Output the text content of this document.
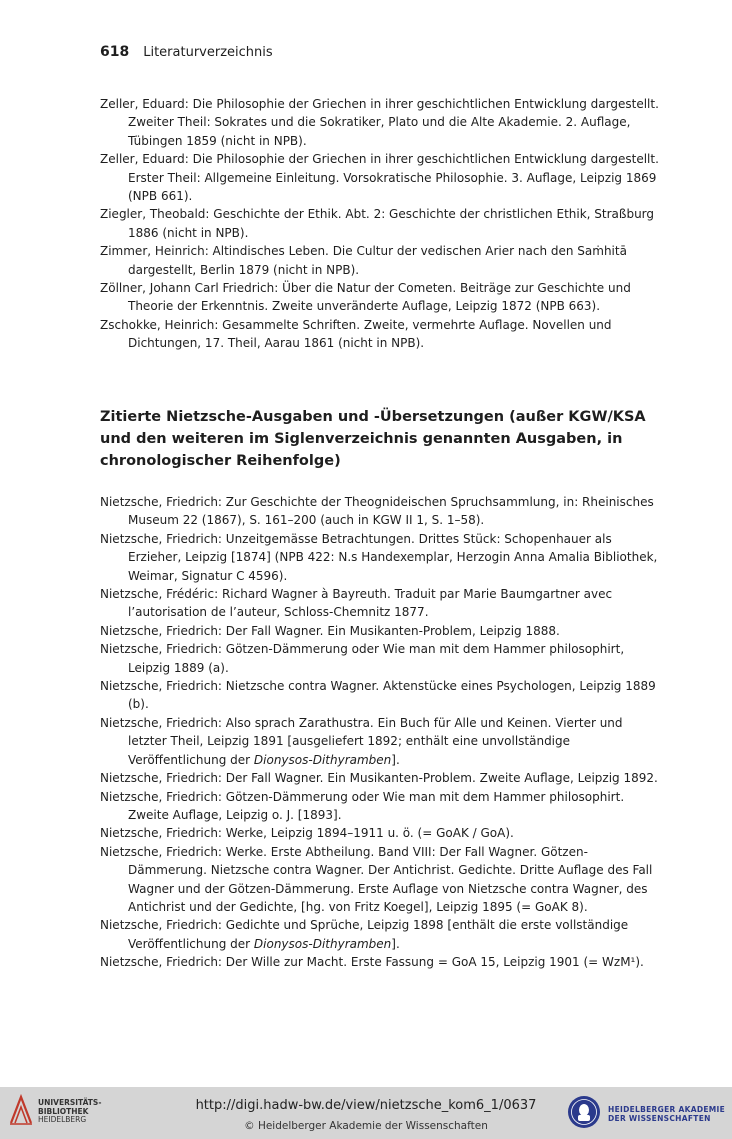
618 Literaturverzeichnis

Zeller, Eduard: Die Philosophie der Griechen in ihrer geschichtlichen Entwicklung dargestellt. Zweiter Theil: Sokrates und die Sokratiker, Plato und die Alte Akademie. 2. Auflage, Tübingen 1859 (nicht in NPB).

Zeller, Eduard: Die Philosophie der Griechen in ihrer geschichtlichen Entwicklung dargestellt. Erster Theil: Allgemeine Einleitung. Vorsokratische Philosophie. 3. Auflage, Leipzig 1869 (NPB 661).

Ziegler, Theobald: Geschichte der Ethik. Abt. 2: Geschichte der christlichen Ethik, Straßburg 1886 (nicht in NPB).

Zimmer, Heinrich: Altindisches Leben. Die Cultur der vedischen Arier nach den Saṁhitā dargestellt, Berlin 1879 (nicht in NPB).

Zöllner, Johann Carl Friedrich: Über die Natur der Cometen. Beiträge zur Geschichte und Theorie der Erkenntnis. Zweite unveränderte Auflage, Leipzig 1872 (NPB 663).

Zschokke, Heinrich: Gesammelte Schriften. Zweite, vermehrte Auflage. Novellen und Dichtungen, 17. Theil, Aarau 1861 (nicht in NPB).

Zitierte Nietzsche-Ausgaben und -Übersetzungen (außer KGW/KSA und den weiteren im Siglenverzeichnis genannten Ausgaben, in chronologischer Reihenfolge)

Nietzsche, Friedrich: Zur Geschichte der Theognideischen Spruchsammlung, in: Rheinisches Museum 22 (1867), S. 161–200 (auch in KGW II 1, S. 1–58).

Nietzsche, Friedrich: Unzeitgemässe Betrachtungen. Drittes Stück: Schopenhauer als Erzieher, Leipzig [1874] (NPB 422: N.s Handexemplar, Herzogin Anna Amalia Bibliothek, Weimar, Signatur C 4596).

Nietzsche, Frédéric: Richard Wagner à Bayreuth. Traduit par Marie Baumgartner avec l’autorisation de l’auteur, Schloss-Chemnitz 1877.

Nietzsche, Friedrich: Der Fall Wagner. Ein Musikanten-Problem, Leipzig 1888.

Nietzsche, Friedrich: Götzen-Dämmerung oder Wie man mit dem Hammer philosophirt, Leipzig 1889 (a).

Nietzsche, Friedrich: Nietzsche contra Wagner. Aktenstücke eines Psychologen, Leipzig 1889 (b).

Nietzsche, Friedrich: Also sprach Zarathustra. Ein Buch für Alle und Keinen. Vierter und letzter Theil, Leipzig 1891 [ausgeliefert 1892; enthält eine unvollständige Veröffentlichung der Dionysos-Dithyramben].

Nietzsche, Friedrich: Der Fall Wagner. Ein Musikanten-Problem. Zweite Auflage, Leipzig 1892.

Nietzsche, Friedrich: Götzen-Dämmerung oder Wie man mit dem Hammer philosophirt. Zweite Auflage, Leipzig o. J. [1893].

Nietzsche, Friedrich: Werke, Leipzig 1894–1911 u. ö. (= GoAK / GoA).

Nietzsche, Friedrich: Werke. Erste Abtheilung. Band VIII: Der Fall Wagner. Götzen-Dämmerung. Nietzsche contra Wagner. Der Antichrist. Gedichte. Dritte Auflage des Fall Wagner und der Götzen-Dämmerung. Erste Auflage von Nietzsche contra Wagner, des Antichrist und der Gedichte, [hg. von Fritz Koegel], Leipzig 1895 (= GoAK 8).

Nietzsche, Friedrich: Gedichte und Sprüche, Leipzig 1898 [enthält die erste vollständige Veröffentlichung der Dionysos-Dithyramben].

Nietzsche, Friedrich: Der Wille zur Macht. Erste Fassung = GoA 15, Leipzig 1901 (= WzM¹).

UNIVERSITÄTS-
BIBLIOTHEK
HEIDELBERG
http://digi.hadw-bw.de/view/nietzsche_kom6_1/0637
© Heidelberger Akademie der Wissenschaften
HEIDELBERGER AKADEMIE
DER WISSENSCHAFTEN
